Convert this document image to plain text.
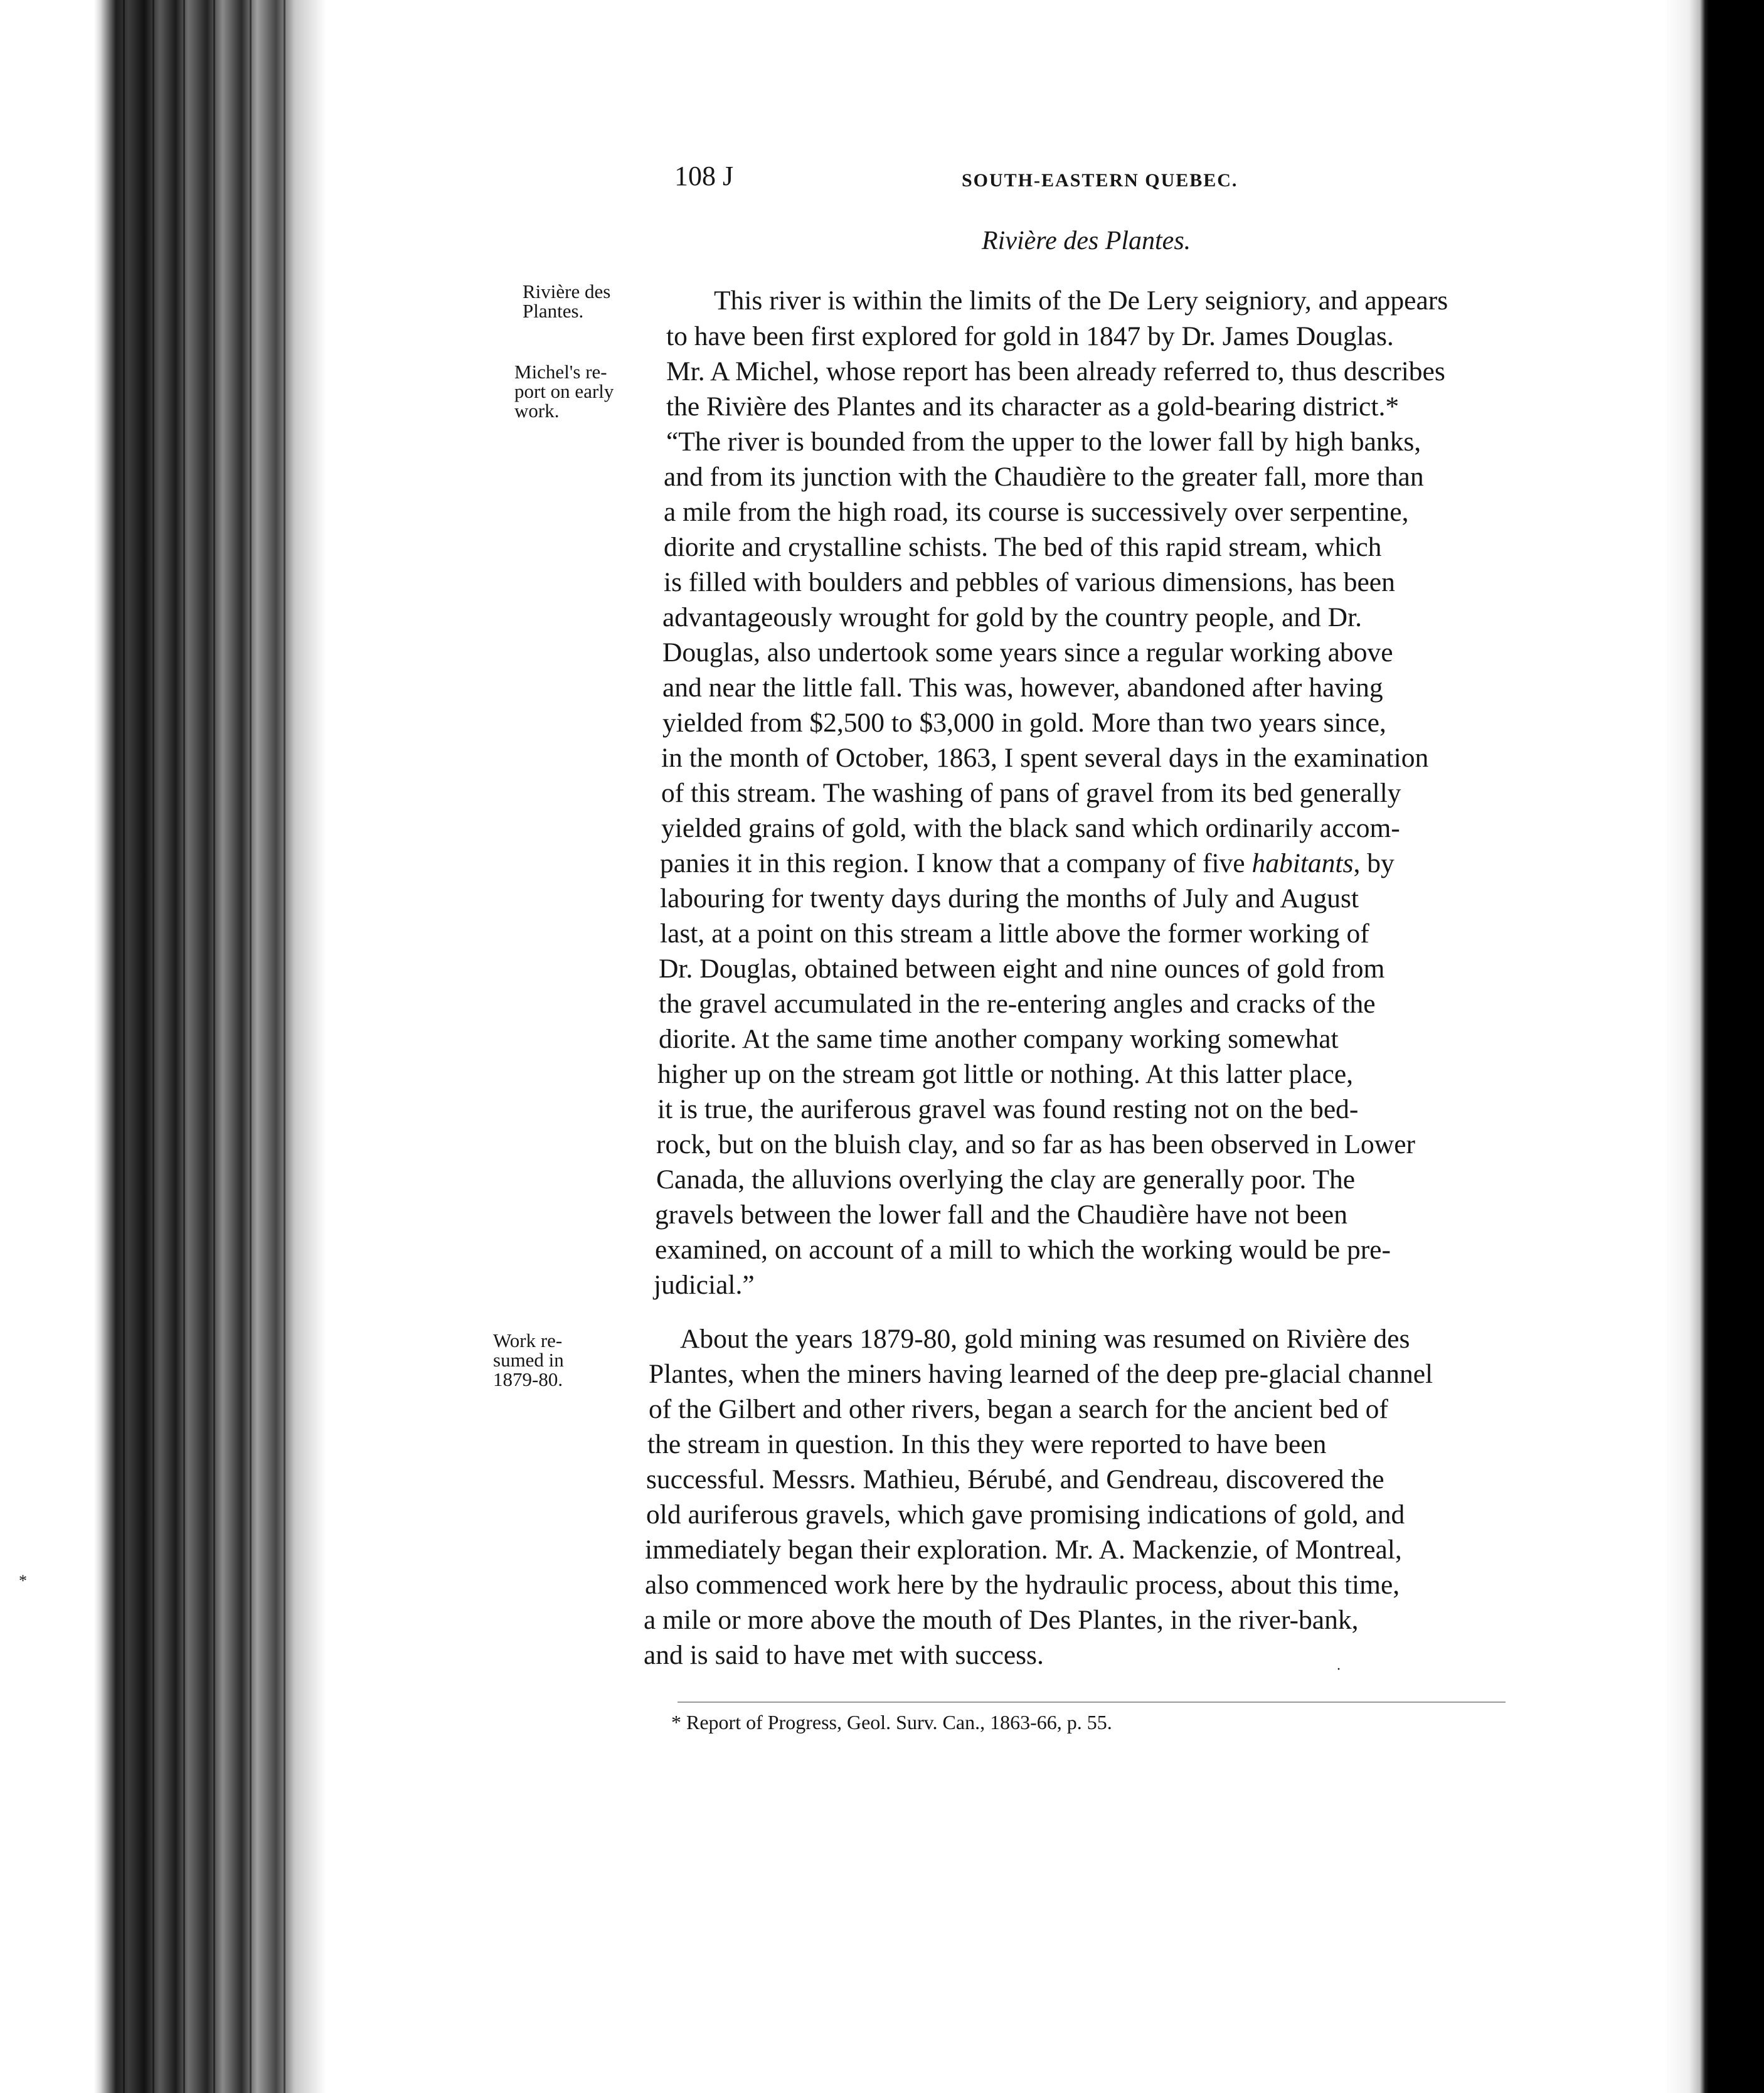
*
108 J	SOUTH-EASTERN QUEBEC.
Rivière des Plantes.
Rivière des
Plantes.
Michel's re-
port on early
work.
Work re-
sumed in
1879-80.
This river is within the limits of the De Lery seigniory, and appears
to have been first explored for gold in 1847 by Dr. James Douglas.
Mr. A Michel, whose report has been already referred to, thus describes
the Rivière des Plantes and its character as a gold-bearing district.*
“The river is bounded from the upper to the lower fall by high banks,
and from its junction with the Chaudière to the greater fall, more than
a mile from the high road, its course is successively over serpentine,
diorite and crystalline schists. The bed of this rapid stream, which
is filled with boulders and pebbles of various dimensions, has been
advantageously wrought for gold by the country people, and Dr.
Douglas, also undertook some years since a regular working above
and near the little fall. This was, however, abandoned after having
yielded from $2,500 to $3,000 in gold. More than two years since,
in the month of October, 1863, I spent several days in the examination
of this stream. The washing of pans of gravel from its bed generally
yielded grains of gold, with the black sand which ordinarily accom-
panies it in this region. I know that a company of five habitants, by
labouring for twenty days during the months of July and August
last, at a point on this stream a little above the former working of
Dr. Douglas, obtained between eight and nine ounces of gold from
the gravel accumulated in the re-entering angles and cracks of the
diorite. At the same time another company working somewhat
higher up on the stream got little or nothing. At this latter place,
it is true, the auriferous gravel was found resting not on the bed-
rock, but on the bluish clay, and so far as has been observed in Lower
Canada, the alluvions overlying the clay are generally poor. The
gravels between the lower fall and the Chaudière have not been
examined, on account of a mill to which the working would be pre-
judicial.”
About the years 1879-80, gold mining was resumed on Rivière des
Plantes, when the miners having learned of the deep pre-glacial channel
of the Gilbert and other rivers, began a search for the ancient bed of
the stream in question. In this they were reported to have been
successful. Messrs. Mathieu, Bérubé, and Gendreau, discovered the
old auriferous gravels, which gave promising indications of gold, and
immediately began their exploration. Mr. A. Mackenzie, of Montreal,
also commenced work here by the hydraulic process, about this time,
a mile or more above the mouth of Des Plantes, in the river-bank,
and is said to have met with success.	·
* Report of Progress, Geol. Surv. Can., 1863-66, p. 55.
